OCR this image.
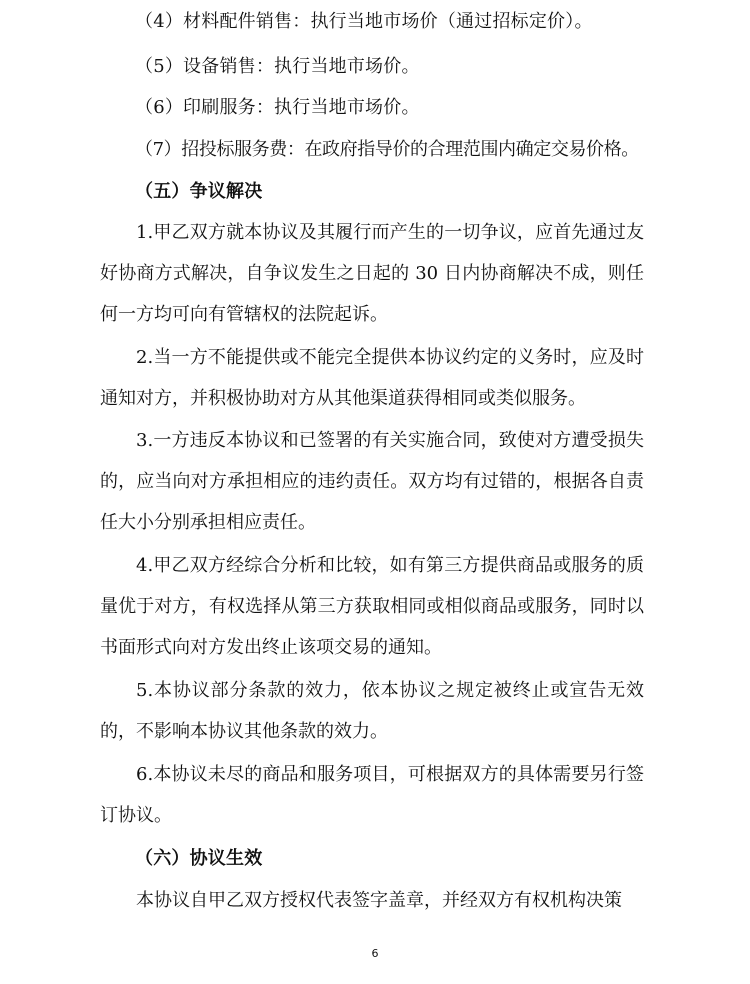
（4）材料配件销售：执行当地市场价（通过招标定价）。
（5）设备销售：执行当地市场价。
（6）印刷服务：执行当地市场价。
（7）招投标服务费：在政府指导价的合理范围内确定交易价格。
（五）争议解决
1.甲乙双方就本协议及其履行而产生的一切争议，应首先通过友好协商方式解决，自争议发生之日起的 30 日内协商解决不成，则任何一方均可向有管辖权的法院起诉。
2.当一方不能提供或不能完全提供本协议约定的义务时，应及时通知对方，并积极协助对方从其他渠道获得相同或类似服务。
3.一方违反本协议和已签署的有关实施合同，致使对方遭受损失的，应当向对方承担相应的违约责任。双方均有过错的，根据各自责任大小分别承担相应责任。
4.甲乙双方经综合分析和比较，如有第三方提供商品或服务的质量优于对方，有权选择从第三方获取相同或相似商品或服务，同时以书面形式向对方发出终止该项交易的通知。
5.本协议部分条款的效力，依本协议之规定被终止或宣告无效的，不影响本协议其他条款的效力。
6.本协议未尽的商品和服务项目，可根据双方的具体需要另行签订协议。
（六）协议生效
本协议自甲乙双方授权代表签字盖章，并经双方有权机构决策
6
